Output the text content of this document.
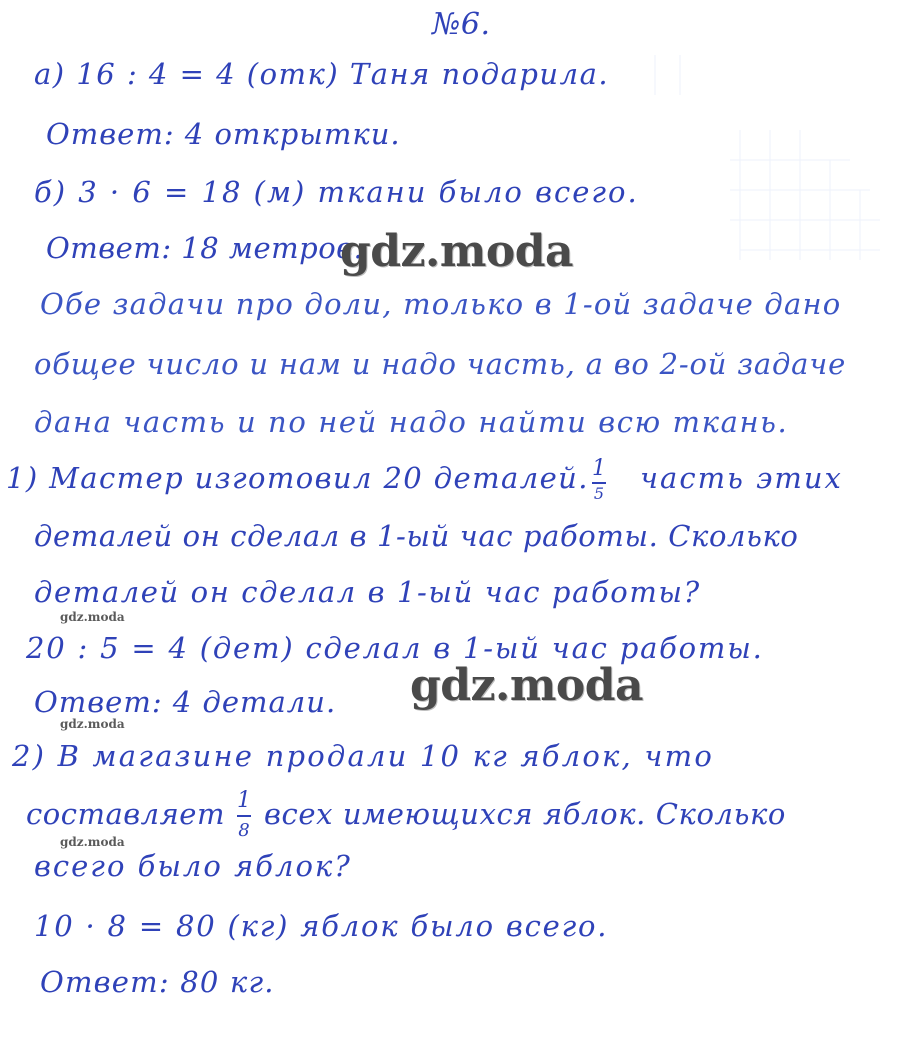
№6.
а) 16 : 4 = 4 (отк) Таня подарила.
Ответ: 4 открытки.
б) 3 · 6 = 18 (м) ткани было всего.
Ответ: 18 метров.
Обе задачи про доли, только в 1-ой задаче дано
общее число и нам и надо часть, а во 2-ой задаче
дана часть и по ней надо найти всю ткань.
1) Мастер изготовил 20 деталей. 1
5 часть этих
деталей он сделал в 1-ый час работы. Сколько
деталей он сделал в 1-ый час работы?
20 : 5 = 4 (дет) сделал в 1-ый час работы.
Ответ: 4 детали.
2) В магазине продали 10 кг яблок, что
составляет 1
8 всех имеющихся яблок. Сколько
всего было яблок?
10 · 8 = 80 (кг) яблок было всего.
Ответ: 80 кг.
gdz.moda
gdz.moda
gdz.moda
gdz.moda
gdz.moda
